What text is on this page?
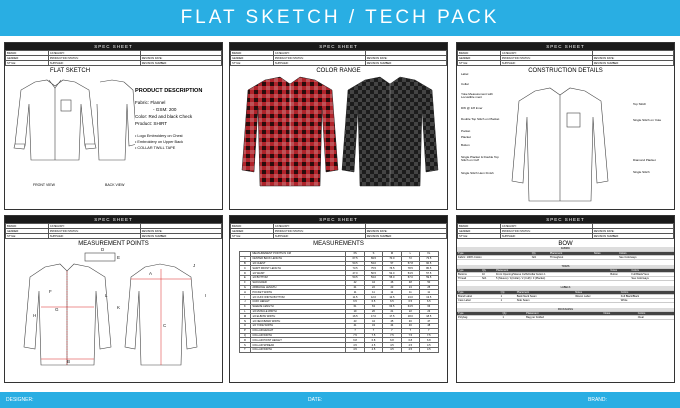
FLAT SKETCH / TECH PACK
SPEC SHEET
BRAND:	CATEGORY:	
GENDER:	PRODUCTION STATUS:	REVISION DATE:
STYLE:	SUPPLIER:	REVISION NUMBER:
FLAT SKETCH
FRONT VIEW	BACK VIEW
PRODUCT DESCRIPTION
Fabric: Flannel
- GSM: 200
Color: Red and black Check
Product: SHIRT
• Logo Embroidery on Chest
• Embroidery on Upper Back
• COLLAR TWILL TAPE
SPEC SHEET
BRAND:	CATEGORY:	
GENDER:	PRODUCTION STATUS:	REVISION DATE:
STYLE:	SUPPLIER:	REVISION NUMBER:
COLOR RANGE
SPEC SHEET
BRAND:	CATEGORY:	
GENDER:	PRODUCTION STATUS:	REVISION DATE:
STYLE:	SUPPLIER:	REVISION NUMBER:
CONSTRUCTION DETAILS
Label
Collar
Yoke Measurement with Locustible ment
DW @ 1/8 Inner
Double Top Stitch on Placket
Pocket
Placket
Button
Single Placket & Double Top Stitch on Cuff
Single Stitch Hem Finish
Top Stitch
Single Stitch on Yoke
Diamond Placket
Single Stitch
SPEC SHEET
BRAND:	CATEGORY:	
GENDER:	PRODUCTION STATUS:	REVISION DATE:
STYLE:	SUPPLIER:	REVISION NUMBER:
MEASUREMENT POINTS
D
E
A
F
G
H
I
J
K
L
B
C
SPEC SHEET
BRAND:	CATEGORY:	
GENDER:	PRODUCTION STATUS:	REVISION DATE:
STYLE:	SUPPLIER:	REVISION NUMBER:
MEASUREMENTS
	MEASUREMENT POINTS IN CM	XS	S	M	L	XL
A	CENTER BACK LENGTH	67.5	69.5	70.0	72	73.5
B	1/2 CHEST	50.5	53.0	57	57.8	60.5
C	SHIRT FRONT LENGTH	73.5	75.5	76.5	78.5	80.5
D	1/2 WAIST	47.0	50.5	52.0	54.5	57.5
E	1/2 BOTTOM	50.5	53.0	55.0	57.0	59.5
F	SHOULDER	42	44	46	48	50
G	ARMHOLE LENGTH	21	22	23	24	25
H	POCKET WIDTH	11	11	11	11	11
I	1/2 CUFF WIDTH BOTTOM	11.5	12.0	12.5	13.0	13.5
J	CUFF HEIGHT	6.5	6.5	6.5	6.5	6.5
K	SLEEVE LENGTH	61	63	63.5	64.5	66
L	1/2 MUSCLE WIDTH	19	20	21	22	23
M	1/2 ELBOW WIDTH	16.5	17.0	17.5	18.0	18.5
N	1/2 NECKBAND WIDTH	43	44	45	46	47
O	1/2 YOKE WIDTH	41	43	44	46	48
P	COLLAR HEIGHT	7	7	7	7	7
Q	COLLAR WIDTH	7.5	7.5	7.5	7.5	7.5
R	COLLAR POINT HEIGHT	6.8	6.8	6.8	6.8	6.8
S	COLLAR SPREAD	4.5	4.5	4.5	4.5	4.5
T	COLLAR WIDTH	4.5	4.5	4.5	4.5	4.5
SPEC SHEET
BRAND:	CATEGORY:	
GENDER:	PRODUCTION STATUS:	REVISION DATE:
STYLE:	SUPPLIER:	REVISION NUMBER:
BOW
FABRIC				
Type	Qty	Placement	Notes	Colors
Fabric: 100% Cotton	N/A	Throughout		See Colorways
TRIMS				
Type	Qty	Placement	Notes	Colors
Buttons	10	Front Opening/Sleeve Cuffs/Collar button 1	Button	Full Black/Yeux
Thread	N/A	5 (Sleeve) / 1(Collar) / 2 (Cuff) / 3 (Placket)		See Colorways
LABELS				
Type	Qty	Placement	Notes	Colors
Brand Label	1	Back Neck Seam	Woven Label	Full Black/Black
Care Label	1	Side Seam		White
PACKAGING				
Type	Qty	Placement	Notes	Colors
Polybag	1	Bag per Folded		Clear
DESIGNER:	DATE:	BRAND:
